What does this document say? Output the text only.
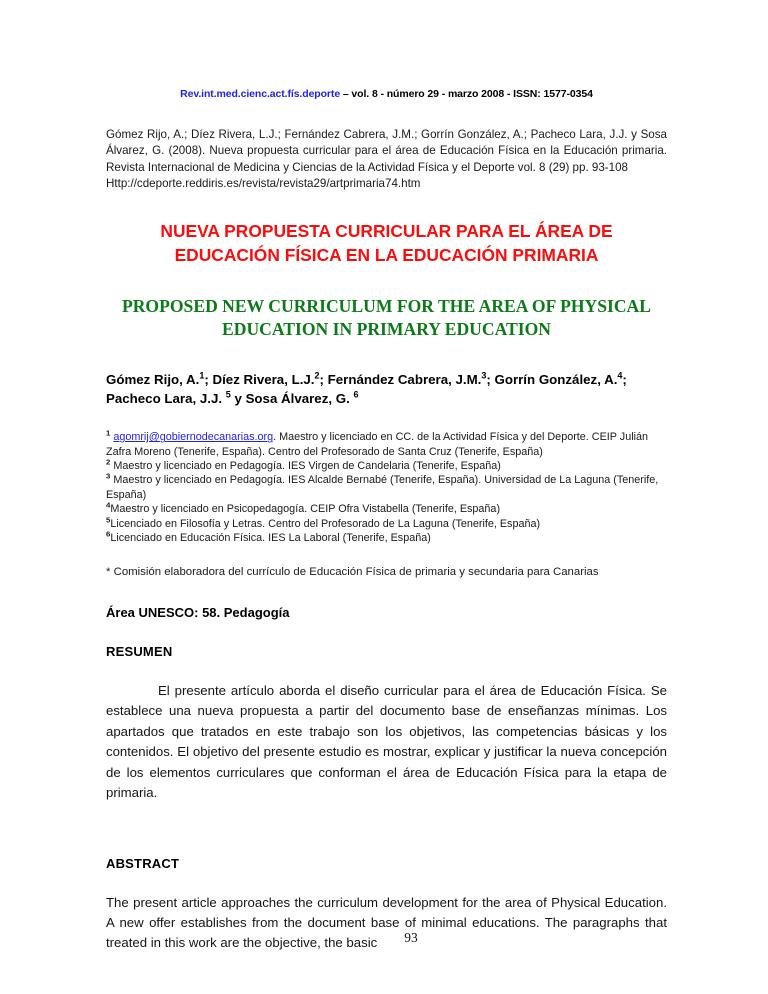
Rev.int.med.cienc.act.fís.deporte – vol. 8 - número 29 - marzo 2008 - ISSN: 1577-0354
Gómez Rijo, A.; Díez Rivera, L.J.; Fernández Cabrera, J.M.; Gorrín González, A.; Pacheco Lara, J.J. y Sosa Álvarez, G. (2008). Nueva propuesta curricular para el área de Educación Física en la Educación primaria. Revista Internacional de Medicina y Ciencias de la Actividad Física y el Deporte vol. 8 (29) pp. 93-108
Http://cdeporte.reddiris.es/revista/revista29/artprimaria74.htm
NUEVA PROPUESTA CURRICULAR PARA EL ÁREA DE EDUCACIÓN FÍSICA EN LA EDUCACIÓN PRIMARIA
PROPOSED NEW CURRICULUM FOR THE AREA OF PHYSICAL EDUCATION IN PRIMARY EDUCATION
Gómez Rijo, A.$^1$; Díez Rivera, L.J.$^2$; Fernández Cabrera, J.M.$^3$; Gorrín González, A.$^4$; Pacheco Lara, J.J. $^5$ y Sosa Álvarez, G. $^6$
$^1$ agomrij@gobiernodecanarias.org. Maestro y licenciado en CC. de la Actividad Física y del Deporte. CEIP Julián Zafra Moreno (Tenerife, España). Centro del Profesorado de Santa Cruz (Tenerife, España)
$^2$ Maestro y licenciado en Pedagogía. IES Virgen de Candelaria (Tenerife, España)
$^3$ Maestro y licenciado en Pedagogía. IES Alcalde Bernabé (Tenerife, España). Universidad de La Laguna (Tenerife, España)
$^4$Maestro y licenciado en Psicopedagogía. CEIP Ofra Vistabella (Tenerife, España)
$^5$Licenciado en Filosofía y Letras. Centro del Profesorado de La Laguna (Tenerife, España)
$^6$Licenciado en Educación Física. IES La Laboral (Tenerife, España)
* Comisión elaboradora del currículo de Educación Física de primaria y secundaria para Canarias
Área UNESCO: 58. Pedagogía
RESUMEN

El presente artículo aborda el diseño curricular para el área de Educación Física. Se establece una nueva propuesta a partir del documento base de enseñanzas mínimas. Los apartados que tratados en este trabajo son los objetivos, las competencias básicas y los contenidos. El objetivo del presente estudio es mostrar, explicar y justificar la nueva concepción de los elementos curriculares que conforman el área de Educación Física para la etapa de primaria.

ABSTRACT

The present article approaches the curriculum development for the area of Physical Education. A new offer establishes from the document base of minimal educations. The paragraphs that treated in this work are the objective, the basic	93
